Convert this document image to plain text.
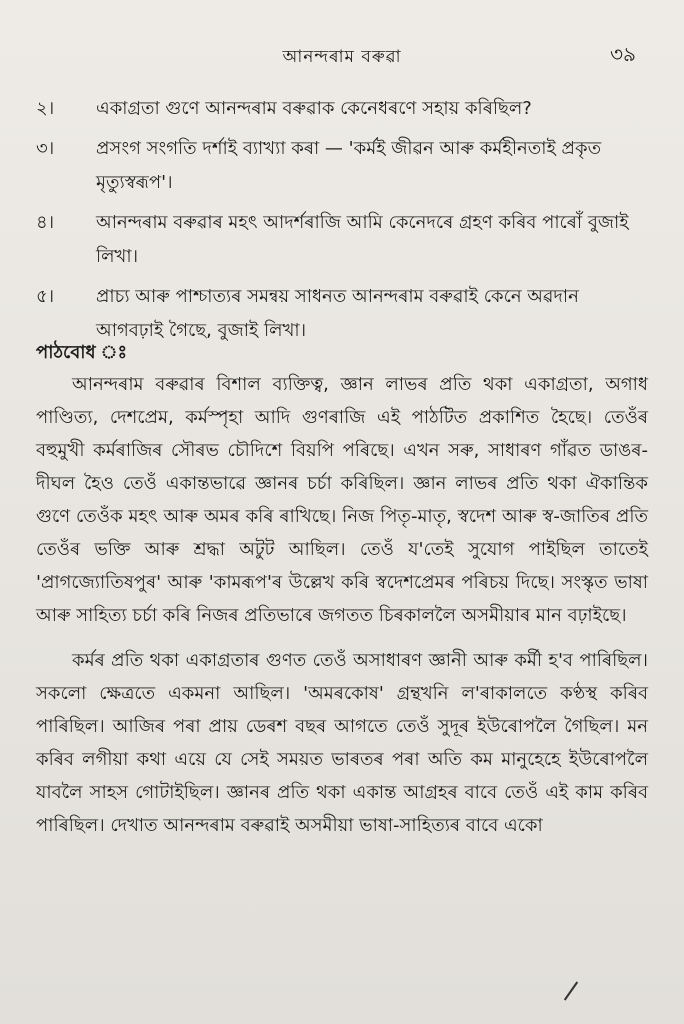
আনন্দৰাম বৰুৱা	৩৯
২।	একাগ্ৰতা গুণে আনন্দৰাম বৰুৱাক কেনেধৰণে সহায় কৰিছিল?
৩।	প্ৰসংগ সংগতি দৰ্শাই ব্যাখ্যা কৰা — 'কৰ্মই জীৱন আৰু কৰ্মহীনতাই প্ৰকৃত মৃত্যুস্বৰূপ'।
৪।	আনন্দৰাম বৰুৱাৰ মহৎ আদৰ্শৰাজি আমি কেনেদৰে গ্ৰহণ কৰিব পাৰোঁ বুজাই লিখা।
৫।	প্ৰাচ্য আৰু পাশ্চাত্যৰ সমন্বয় সাধনত আনন্দৰাম বৰুৱাই কেনে অৱদান আগবঢ়াই গৈছে, বুজাই লিখা।
পাঠবোধ ঃ

আনন্দৰাম বৰুৱাৰ বিশাল ব্যক্তিত্ব, জ্ঞান লাভৰ প্ৰতি থকা একাগ্ৰতা, অগাধ পাণ্ডিত্য, দেশপ্ৰেম, কৰ্মস্পৃহা আদি গুণৰাজি এই পাঠটিত প্ৰকাশিত হৈছে। তেওঁৰ বহুমুখী কৰ্মৰাজিৰ সৌৰভ চৌদিশে বিয়পি পৰিছে। এখন সৰু, সাধাৰণ গাঁৱত ডাঙৰ-দীঘল হৈও তেওঁ একান্তভাৱে জ্ঞানৰ চৰ্চা কৰিছিল। জ্ঞান লাভৰ প্ৰতি থকা ঐকান্তিক গুণে তেওঁক মহৎ আৰু অমৰ কৰি ৰাখিছে। নিজ পিতৃ-মাতৃ, স্বদেশ আৰু স্ব-জাতিৰ প্ৰতি তেওঁৰ ভক্তি আৰু শ্ৰদ্ধা অটুট আছিল। তেওঁ য'তেই সুযোগ পাইছিল তাতেই 'প্ৰাগজ্যোতিষপুৰ' আৰু 'কামৰূপ'ৰ উল্লেখ কৰি স্বদেশপ্ৰেমৰ পৰিচয় দিছে। সংস্কৃত ভাষা আৰু সাহিত্য চৰ্চা কৰি নিজৰ প্ৰতিভাৰে জগতত চিৰকাললৈ অসমীয়াৰ মান বঢ়াইছে।

কৰ্মৰ প্ৰতি থকা একাগ্ৰতাৰ গুণত তেওঁ অসাধাৰণ জ্ঞানী আৰু কৰ্মী হ'ব পাৰিছিল। সকলো ক্ষেত্ৰতে একমনা আছিল। 'অমৰকোষ' গ্ৰন্থখনি ল'ৰাকালতে কণ্ঠস্থ কৰিব পাৰিছিল। আজিৰ পৰা প্ৰায় ডেৰশ বছৰ আগতে তেওঁ সুদূৰ ইউৰোপলৈ গৈছিল। মন কৰিব লগীয়া কথা এয়ে যে সেই সময়ত ভাৰতৰ পৰা অতি কম মানুহেহে ইউৰোপলৈ যাবলৈ সাহস গোটাইছিল। জ্ঞানৰ প্ৰতি থকা একান্ত আগ্ৰহৰ বাবে তেওঁ এই কাম কৰিব পাৰিছিল। দেখাত আনন্দৰাম বৰুৱাই অসমীয়া ভাষা-সাহিত্যৰ বাবে একো
